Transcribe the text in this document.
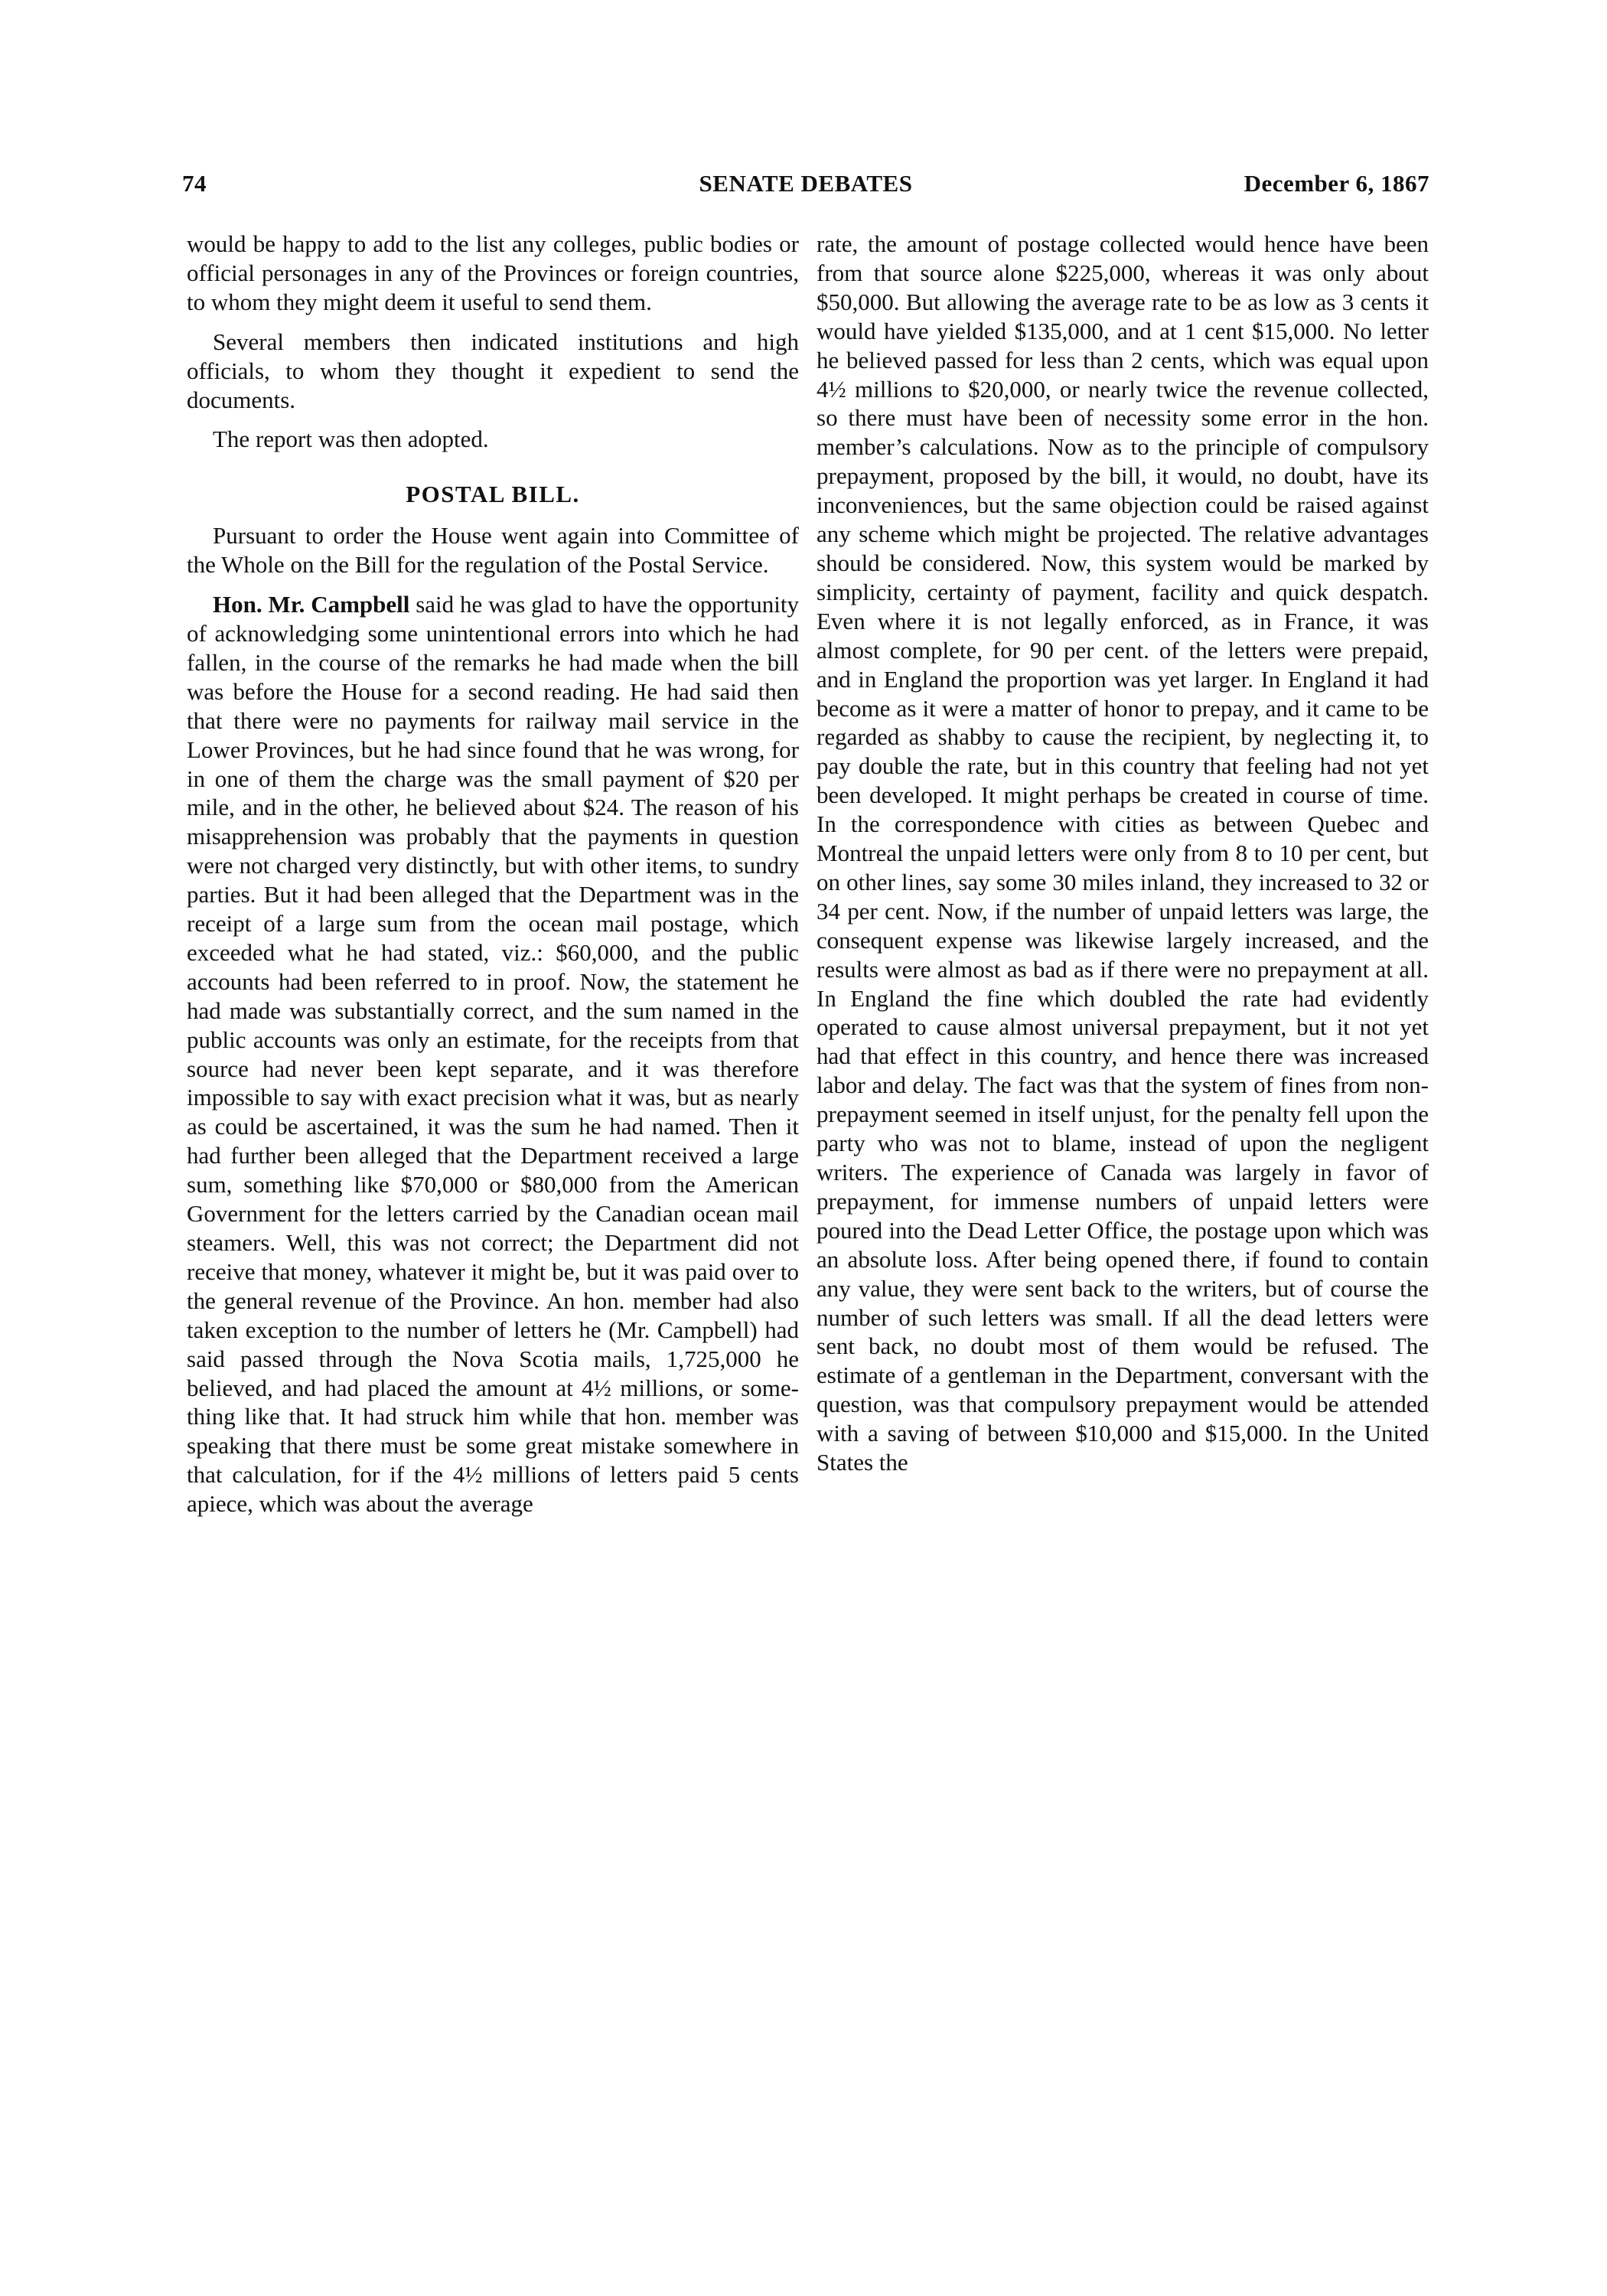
74	SENATE DEBATES	December 6, 1867

would be happy to add to the list any colleges, public bodies or official personages in any of the Provinces or foreign countries, to whom they might deem it useful to send them.

Several members then indicated institutions and high officials, to whom they thought it expedient to send the documents.

The report was then adopted.

POSTAL BILL.

Pursuant to order the House went again into Committee of the Whole on the Bill for the regulation of the Postal Service.

Hon. Mr. Campbell said he was glad to have the opportunity of acknowledging some unintentional errors into which he had fallen, in the course of the remarks he had made when the bill was before the House for a second reading. He had said then that there were no payments for railway mail service in the Lower Provinces, but he had since found that he was wrong, for in one of them the charge was the small payment of $20 per mile, and in the other, he believed about $24. The reason of his misapprehension was probably that the payments in question were not charged very distinctly, but with other items, to sundry parties. But it had been alleged that the Department was in the receipt of a large sum from the ocean mail postage, which exceeded what he had stated, viz.: $60,000, and the public accounts had been referred to in proof. Now, the statement he had made was substantially correct, and the sum named in the public accounts was only an estimate, for the receipts from that source had never been kept separate, and it was therefore impossible to say with exact precision what it was, but as nearly as could be ascertained, it was the sum he had named. Then it had further been alleged that the Department received a large sum, something like $70,000 or $80,000 from the American Government for the letters carried by the Canadian ocean mail steamers. Well, this was not correct; the Department did not receive that money, whatever it might be, but it was paid over to the general revenue of the Province. An hon. member had also taken exception to the number of letters he (Mr. Campbell) had said passed through the Nova Scotia mails, 1,725,000 he believed, and had placed the amount at 4½ millions, or something like that. It had struck him while that hon. member was speaking that there must be some great mistake somewhere in that calculation, for if the 4½ millions of letters paid 5 cents apiece, which was about the average

rate, the amount of postage collected would hence have been from that source alone $225,000, whereas it was only about $50,000. But allowing the average rate to be as low as 3 cents it would have yielded $135,000, and at 1 cent $15,000. No letter he believed passed for less than 2 cents, which was equal upon 4½ millions to $20,000, or nearly twice the revenue collected, so there must have been of necessity some error in the hon. member’s calculations. Now as to the principle of compulsory prepayment, proposed by the bill, it would, no doubt, have its inconveniences, but the same objection could be raised against any scheme which might be projected. The relative advantages should be considered. Now, this system would be marked by simplicity, certainty of payment, facility and quick despatch. Even where it is not legally enforced, as in France, it was almost complete, for 90 per cent. of the letters were prepaid, and in England the proportion was yet larger. In England it had become as it were a matter of honor to prepay, and it came to be regarded as shabby to cause the recipient, by neglecting it, to pay double the rate, but in this country that feeling had not yet been developed. It might perhaps be created in course of time. In the correspondence with cities as between Quebec and Montreal the unpaid letters were only from 8 to 10 per cent, but on other lines, say some 30 miles inland, they increased to 32 or 34 per cent. Now, if the number of unpaid letters was large, the consequent expense was likewise largely increased, and the results were almost as bad as if there were no prepayment at all. In England the fine which doubled the rate had evidently operated to cause almost universal prepayment, but it not yet had that effect in this country, and hence there was increased labor and delay. The fact was that the system of fines from non-prepayment seemed in itself unjust, for the penalty fell upon the party who was not to blame, instead of upon the negligent writers. The experience of Canada was largely in favor of prepayment, for immense numbers of unpaid letters were poured into the Dead Letter Office, the postage upon which was an absolute loss. After being opened there, if found to contain any value, they were sent back to the writers, but of course the number of such letters was small. If all the dead letters were sent back, no doubt most of them would be refused. The estimate of a gentleman in the Department, conversant with the question, was that compulsory prepayment would be attended with a saving of between $10,000 and $15,000. In the United States the
